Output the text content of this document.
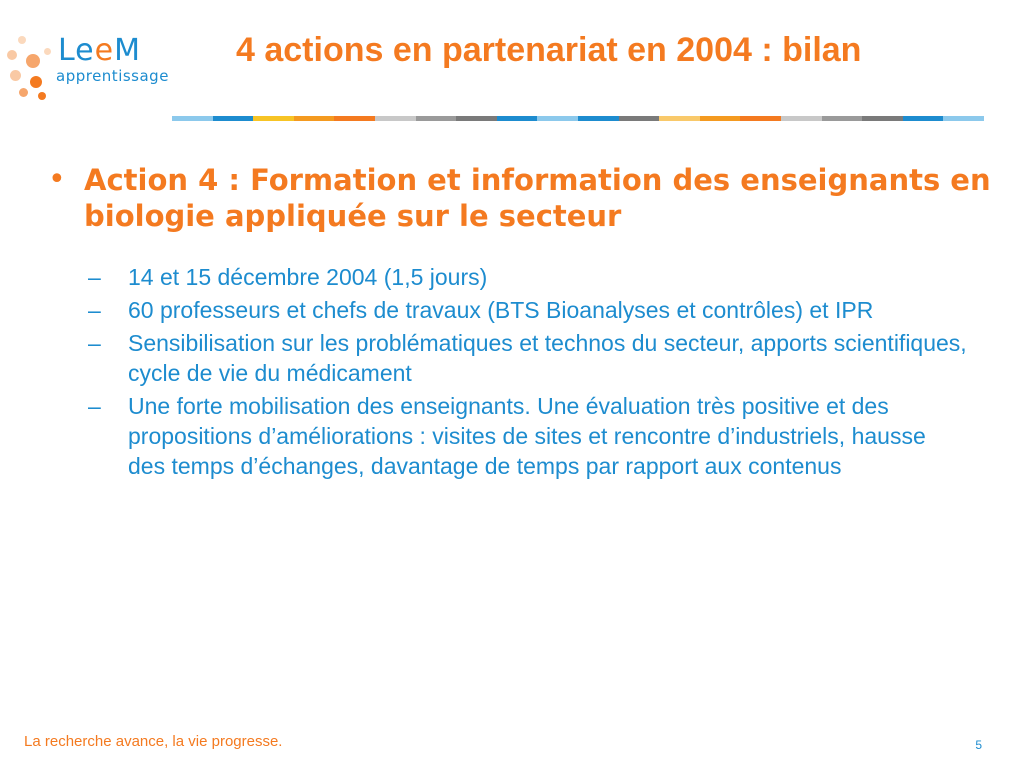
LeeM
apprentissage
4 actions en partenariat en 2004 : bilan
• Action 4 : Formation et information des enseignants en biologie appliquée sur le secteur
–	14 et 15 décembre 2004 (1,5 jours)
–	60 professeurs et chefs de travaux (BTS Bioanalyses et contrôles) et IPR
–	Sensibilisation sur les problématiques et technos du secteur, apports scientifiques, cycle de vie du médicament
–	Une forte mobilisation des enseignants. Une évaluation très positive et des propositions d’améliorations : visites de sites et rencontre d’industriels, hausse des temps d’échanges, davantage de temps par rapport aux contenus
La recherche avance, la vie progresse.	5
